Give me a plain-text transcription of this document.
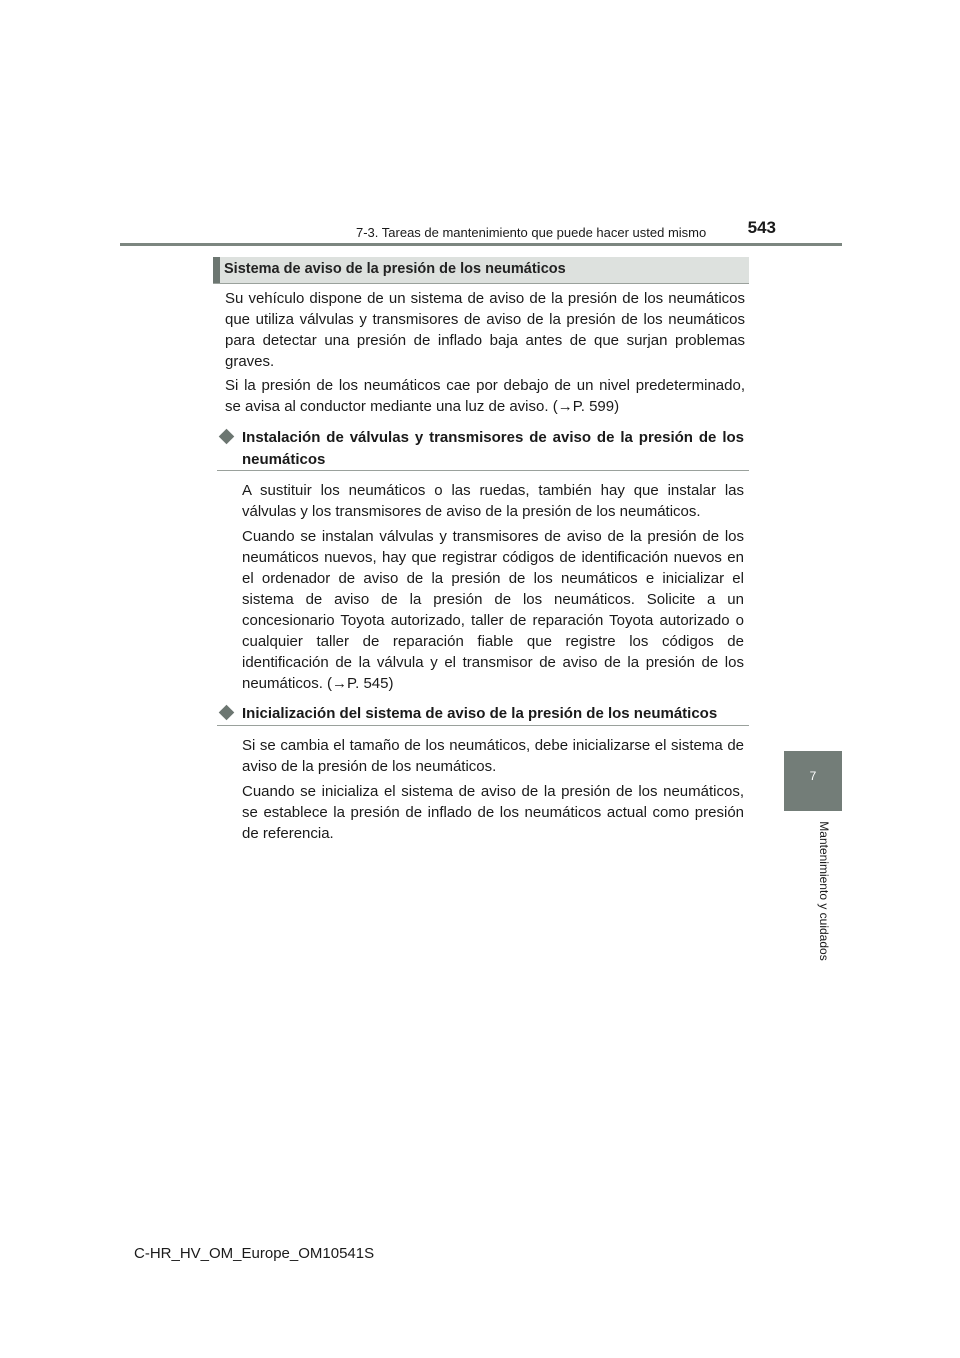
7-3. Tareas de mantenimiento que puede hacer usted mismo	543
7
Mantenimiento y cuidados
Sistema de aviso de la presión de los neumáticos

Su vehículo dispone de un sistema de aviso de la presión de los neumáticos que utiliza válvulas y transmisores de aviso de la presión de los neumáticos para detectar una presión de inflado baja antes de que surjan problemas graves.

Si la presión de los neumáticos cae por debajo de un nivel predeterminado, se avisa al conductor mediante una luz de aviso. (→P. 599)

Instalación de válvulas y transmisores de aviso de la presión de los neumáticos

A sustituir los neumáticos o las ruedas, también hay que instalar las válvulas y los transmisores de aviso de la presión de los neumáticos.

Cuando se instalan válvulas y transmisores de aviso de la presión de los neumáticos nuevos, hay que registrar códigos de identificación nuevos en el ordenador de aviso de la presión de los neumáticos e inicializar el sistema de aviso de la presión de los neumáticos. Solicite a un concesionario Toyota autorizado, taller de reparación Toyota autorizado o cualquier taller de reparación fiable que registre los códigos de identificación de la válvula y el transmisor de aviso de la presión de los neumáticos. (→P. 545)

Inicialización del sistema de aviso de la presión de los neumáticos

Si se cambia el tamaño de los neumáticos, debe inicializarse el sistema de aviso de la presión de los neumáticos.

Cuando se inicializa el sistema de aviso de la presión de los neumáticos, se establece la presión de inflado de los neumáticos actual como presión de referencia.

C-HR_HV_OM_Europe_OM10541S
